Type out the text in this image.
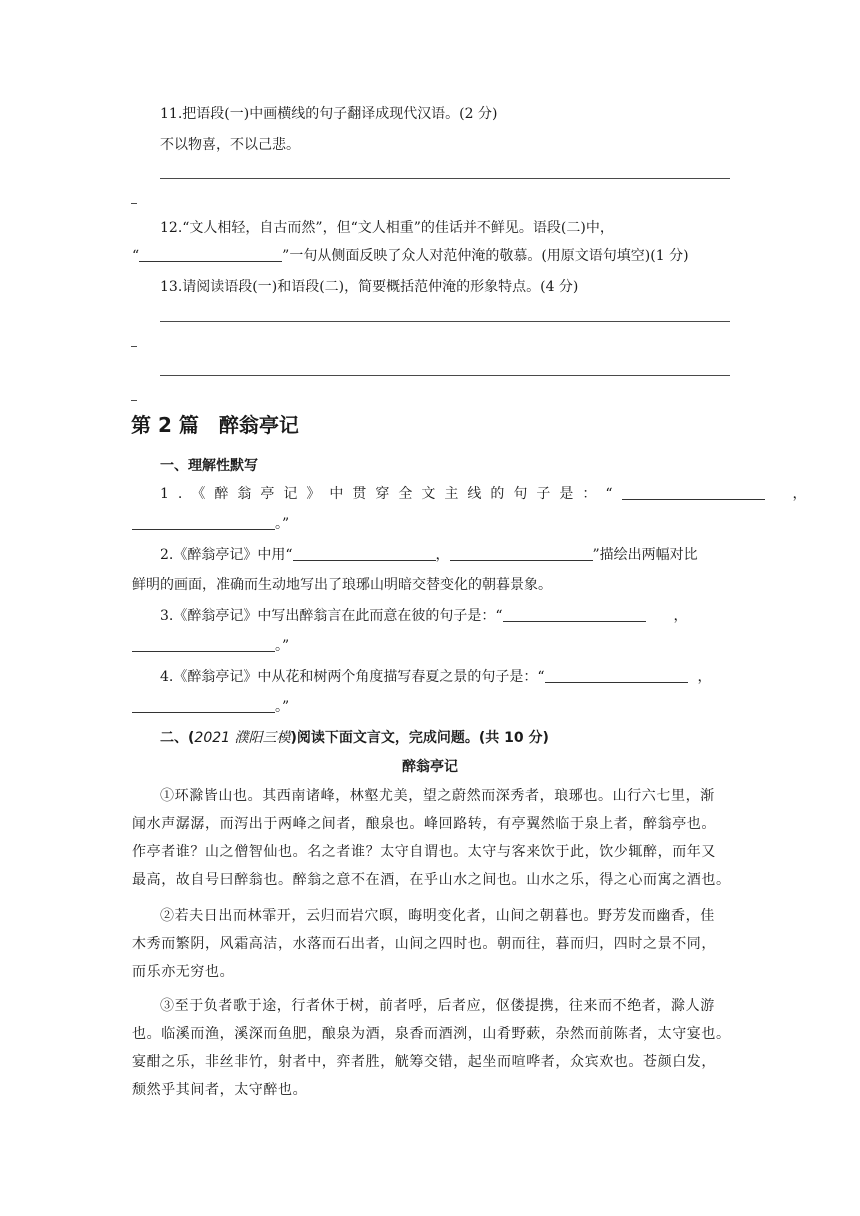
11.把语段(一)中画横线的句子翻译成现代汉语。(2 分)
不以物喜，不以己悲。
12.“文人相轻，自古而然”，但“文人相重”的佳话并不鲜见。语段(二)中，
“	”一句从侧面反映了众人对范仲淹的敬慕。(用原文语句填空)(1 分)
13.请阅读语段(一)和语段(二)，简要概括范仲淹的形象特点。(4 分)
第 2 篇　醉翁亭记
一、理解性默写
1.《醉翁亭记》中贯穿全文主线的句子是：“	，
。”
2.《醉翁亭记》中用“	，	”描绘出两幅对比
鲜明的画面，准确而生动地写出了琅琊山明暗交替变化的朝暮景象。
3.《醉翁亭记》中写出醉翁言在此而意在彼的句子是：“	，
。”
4.《醉翁亭记》中从花和树两个角度描写春夏之景的句子是：“	，
。”
二、(2021 濮阳三模)阅读下面文言文，完成问题。(共 10 分)
醉翁亭记
①环滁皆山也。其西南诸峰，林壑尤美，望之蔚然而深秀者，琅琊也。山行六七里，渐
闻水声潺潺，而泻出于两峰之间者，酿泉也。峰回路转，有亭翼然临于泉上者，醉翁亭也。
作亭者谁？山之僧智仙也。名之者谁？太守自谓也。太守与客来饮于此，饮少辄醉，而年又
最高，故自号曰醉翁也。醉翁之意不在酒，在乎山水之间也。山水之乐，得之心而寓之酒也。
②若夫日出而林霏开，云归而岩穴暝，晦明变化者，山间之朝暮也。野芳发而幽香，佳
木秀而繁阴，风霜高洁，水落而石出者，山间之四时也。朝而往，暮而归，四时之景不同，
而乐亦无穷也。
③至于负者歌于途，行者休于树，前者呼，后者应，伛偻提携，往来而不绝者，滁人游
也。临溪而渔，溪深而鱼肥，酿泉为酒，泉香而酒洌，山肴野蔌，杂然而前陈者，太守宴也。
宴酣之乐，非丝非竹，射者中，弈者胜，觥筹交错，起坐而喧哗者，众宾欢也。苍颜白发，
颓然乎其间者，太守醉也。
